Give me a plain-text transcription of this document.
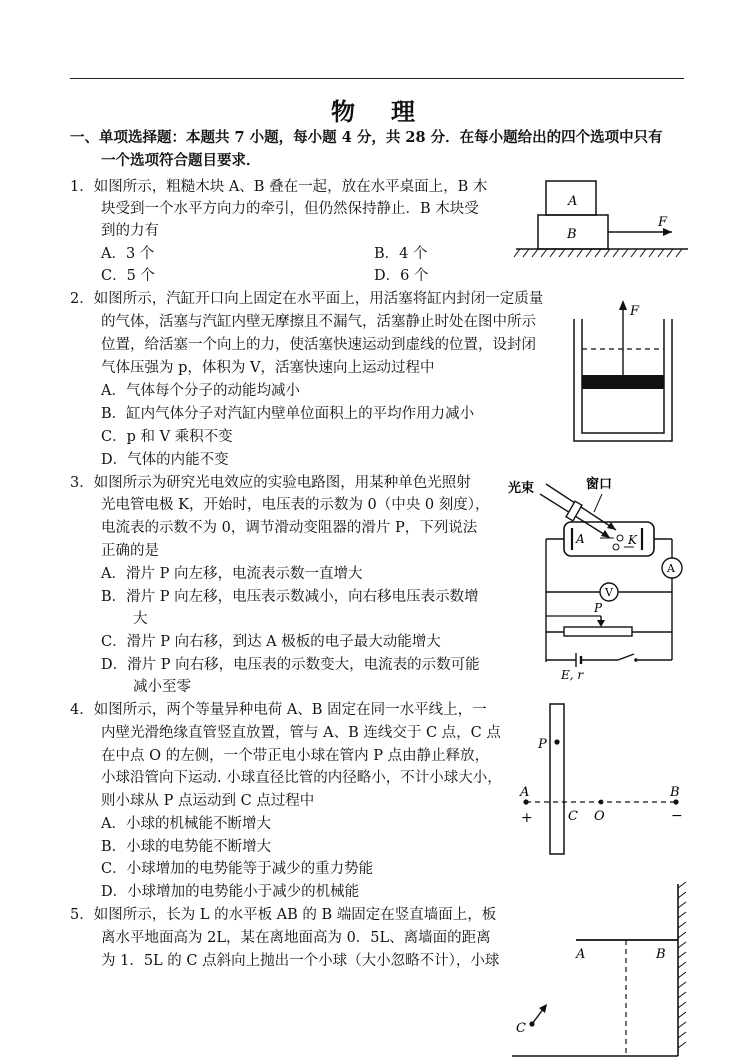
物　理
一、单项选择题：本题共 7 小题，每小题 4 分，共 28 分．在每小题给出的四个选项中只有
一个选项符合题目要求．
1．如图所示，粗糙木块 A、B 叠在一起，放在水平桌面上，B 木
块受到一个水平方向力的牵引，但仍然保持静止．B 木块受
到的力有
A．3 个	B．4 个
C．5 个	D．6 个
A
B
F
2．如图所示，汽缸开口向上固定在水平面上，用活塞将缸内封闭一定质量
的气体，活塞与汽缸内壁无摩擦且不漏气，活塞静止时处在图中所示
位置，给活塞一个向上的力，使活塞快速运动到虚线的位置，设封闭
气体压强为 p，体积为 V，活塞快速向上运动过程中
A．气体每个分子的动能均减小
B．缸内气体分子对汽缸内壁单位面积上的平均作用力减小
C．p 和 V 乘积不变
D．气体的内能不变
F
3．如图所示为研究光电效应的实验电路图，用某种单色光照射
光电管电极 K，开始时，电压表的示数为 0（中央 0 刻度），
电流表的示数不为 0，调节滑动变阻器的滑片 P，下列说法
正确的是
A．滑片 P 向左移，电流表示数一直增大
B．滑片 P 向左移，电压表示数减小，向右移电压表示数增
大
C．滑片 P 向右移，到达 A 极板的电子最大动能增大
D．滑片 P 向右移，电压表的示数变大，电流表的示数可能
减小至零
光束	窗口
A	K
A
V
P
E, r
4．如图所示，两个等量异种电荷 A、B 固定在同一水平线上，一
内壁光滑绝缘直管竖直放置，管与 A、B 连线交于 C 点，C 点
在中点 O 的左侧，一个带正电小球在管内 P 点由静止释放，
小球沿管向下运动. 小球直径比管的内径略小，不计小球大小，
则小球从 P 点运动到 C 点过程中
A．小球的机械能不断增大
B．小球的电势能不断增大
C．小球增加的电势能等于减少的重力势能
D．小球增加的电势能小于减少的机械能
P
A	B
C O
+	−
5．如图所示，长为 L 的水平板 AB 的 B 端固定在竖直墙面上，板
离水平地面高为 2L，某在离地面高为 0．5L、离墙面的距离
为 1．5L 的 C 点斜向上抛出一个小球（大小忽略不计），小球	A	B
C
